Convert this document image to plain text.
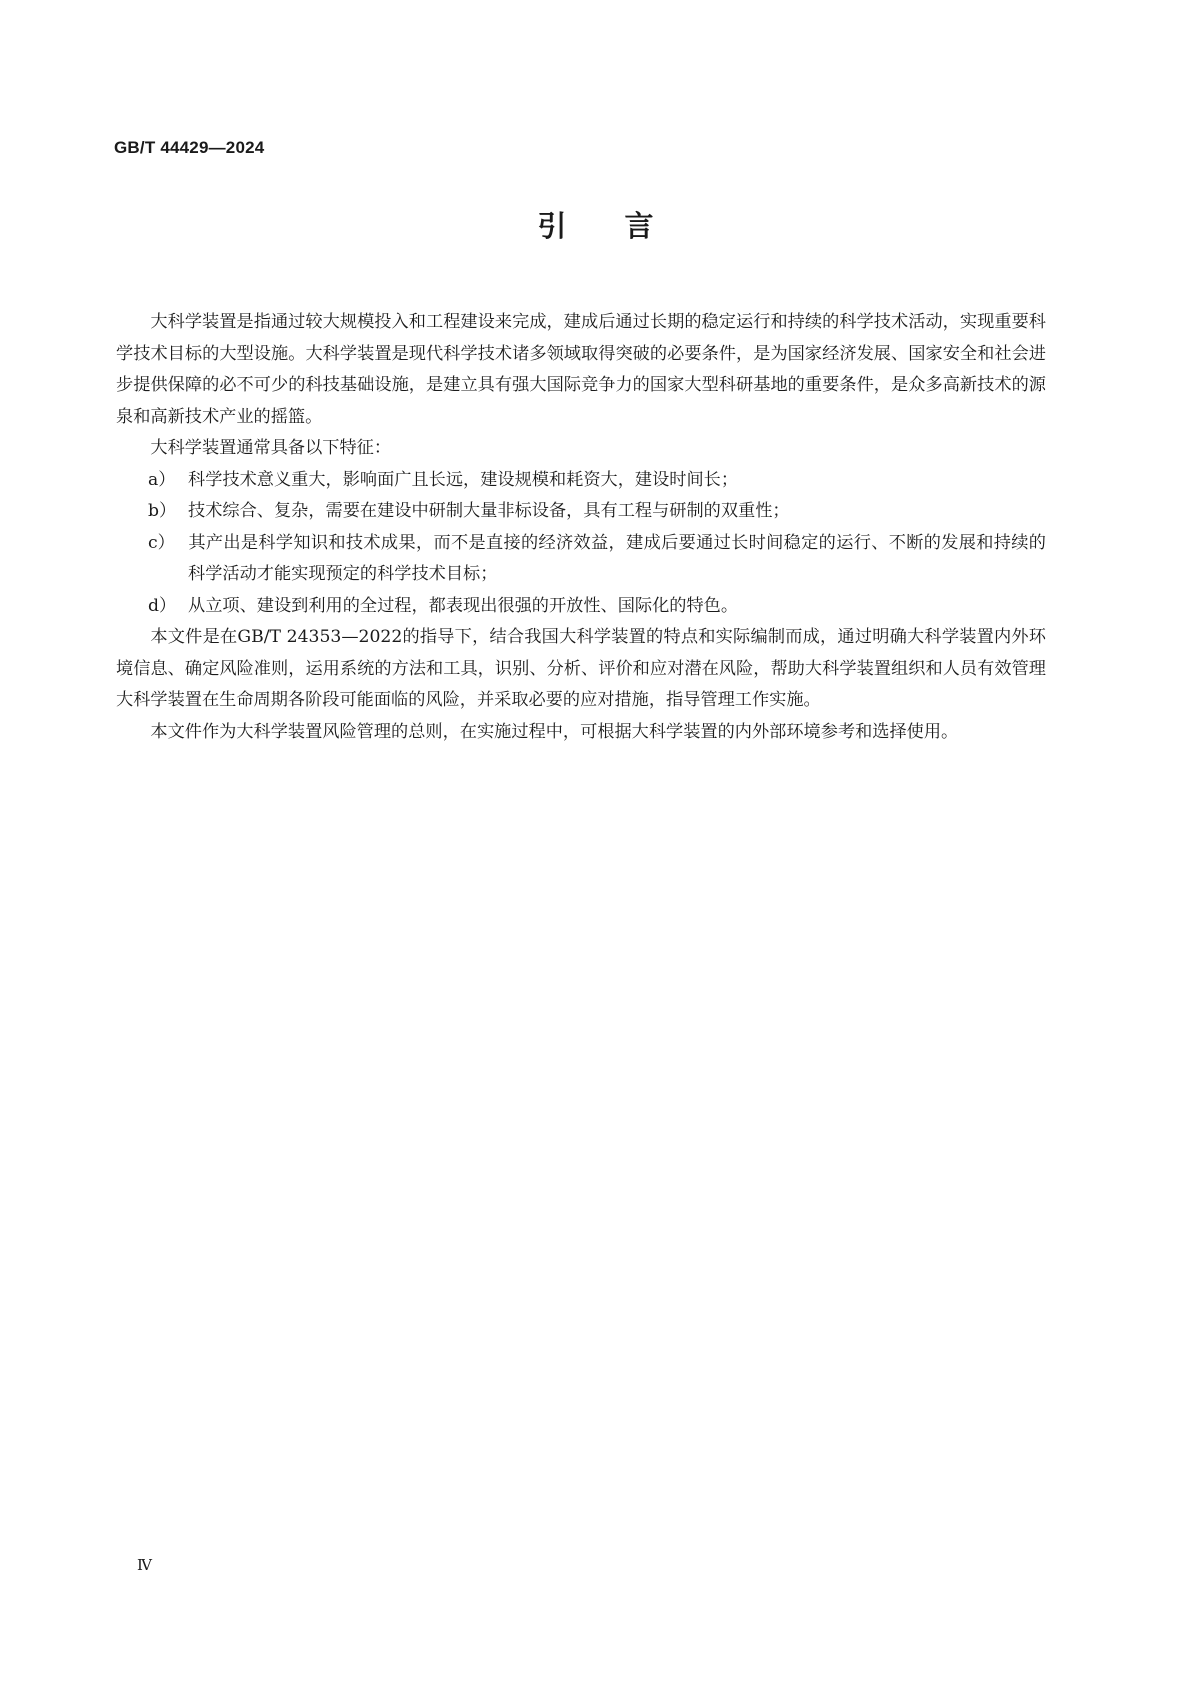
GB/T 44429—2024
引言

大科学装置是指通过较大规模投入和工程建设来完成，建成后通过长期的稳定运行和持续的科学技术活动，实现重要科学技术目标的大型设施。大科学装置是现代科学技术诸多领域取得突破的必要条件，是为国家经济发展、国家安全和社会进步提供保障的必不可少的科技基础设施，是建立具有强大国际竞争力的国家大型科研基地的重要条件，是众多高新技术的源泉和高新技术产业的摇篮。

大科学装置通常具备以下特征：

a） 科学技术意义重大，影响面广且长远，建设规模和耗资大，建设时间长；

b） 技术综合、复杂，需要在建设中研制大量非标设备，具有工程与研制的双重性；

c） 其产出是科学知识和技术成果，而不是直接的经济效益，建成后要通过长时间稳定的运行、不断的发展和持续的科学活动才能实现预定的科学技术目标；

d） 从立项、建设到利用的全过程，都表现出很强的开放性、国际化的特色。

本文件是在GB/T 24353—2022的指导下，结合我国大科学装置的特点和实际编制而成，通过明确大科学装置内外环境信息、确定风险准则，运用系统的方法和工具，识别、分析、评价和应对潜在风险，帮助大科学装置组织和人员有效管理大科学装置在生命周期各阶段可能面临的风险，并采取必要的应对措施，指导管理工作实施。

本文件作为大科学装置风险管理的总则，在实施过程中，可根据大科学装置的内外部环境参考和选择使用。

Ⅳ
